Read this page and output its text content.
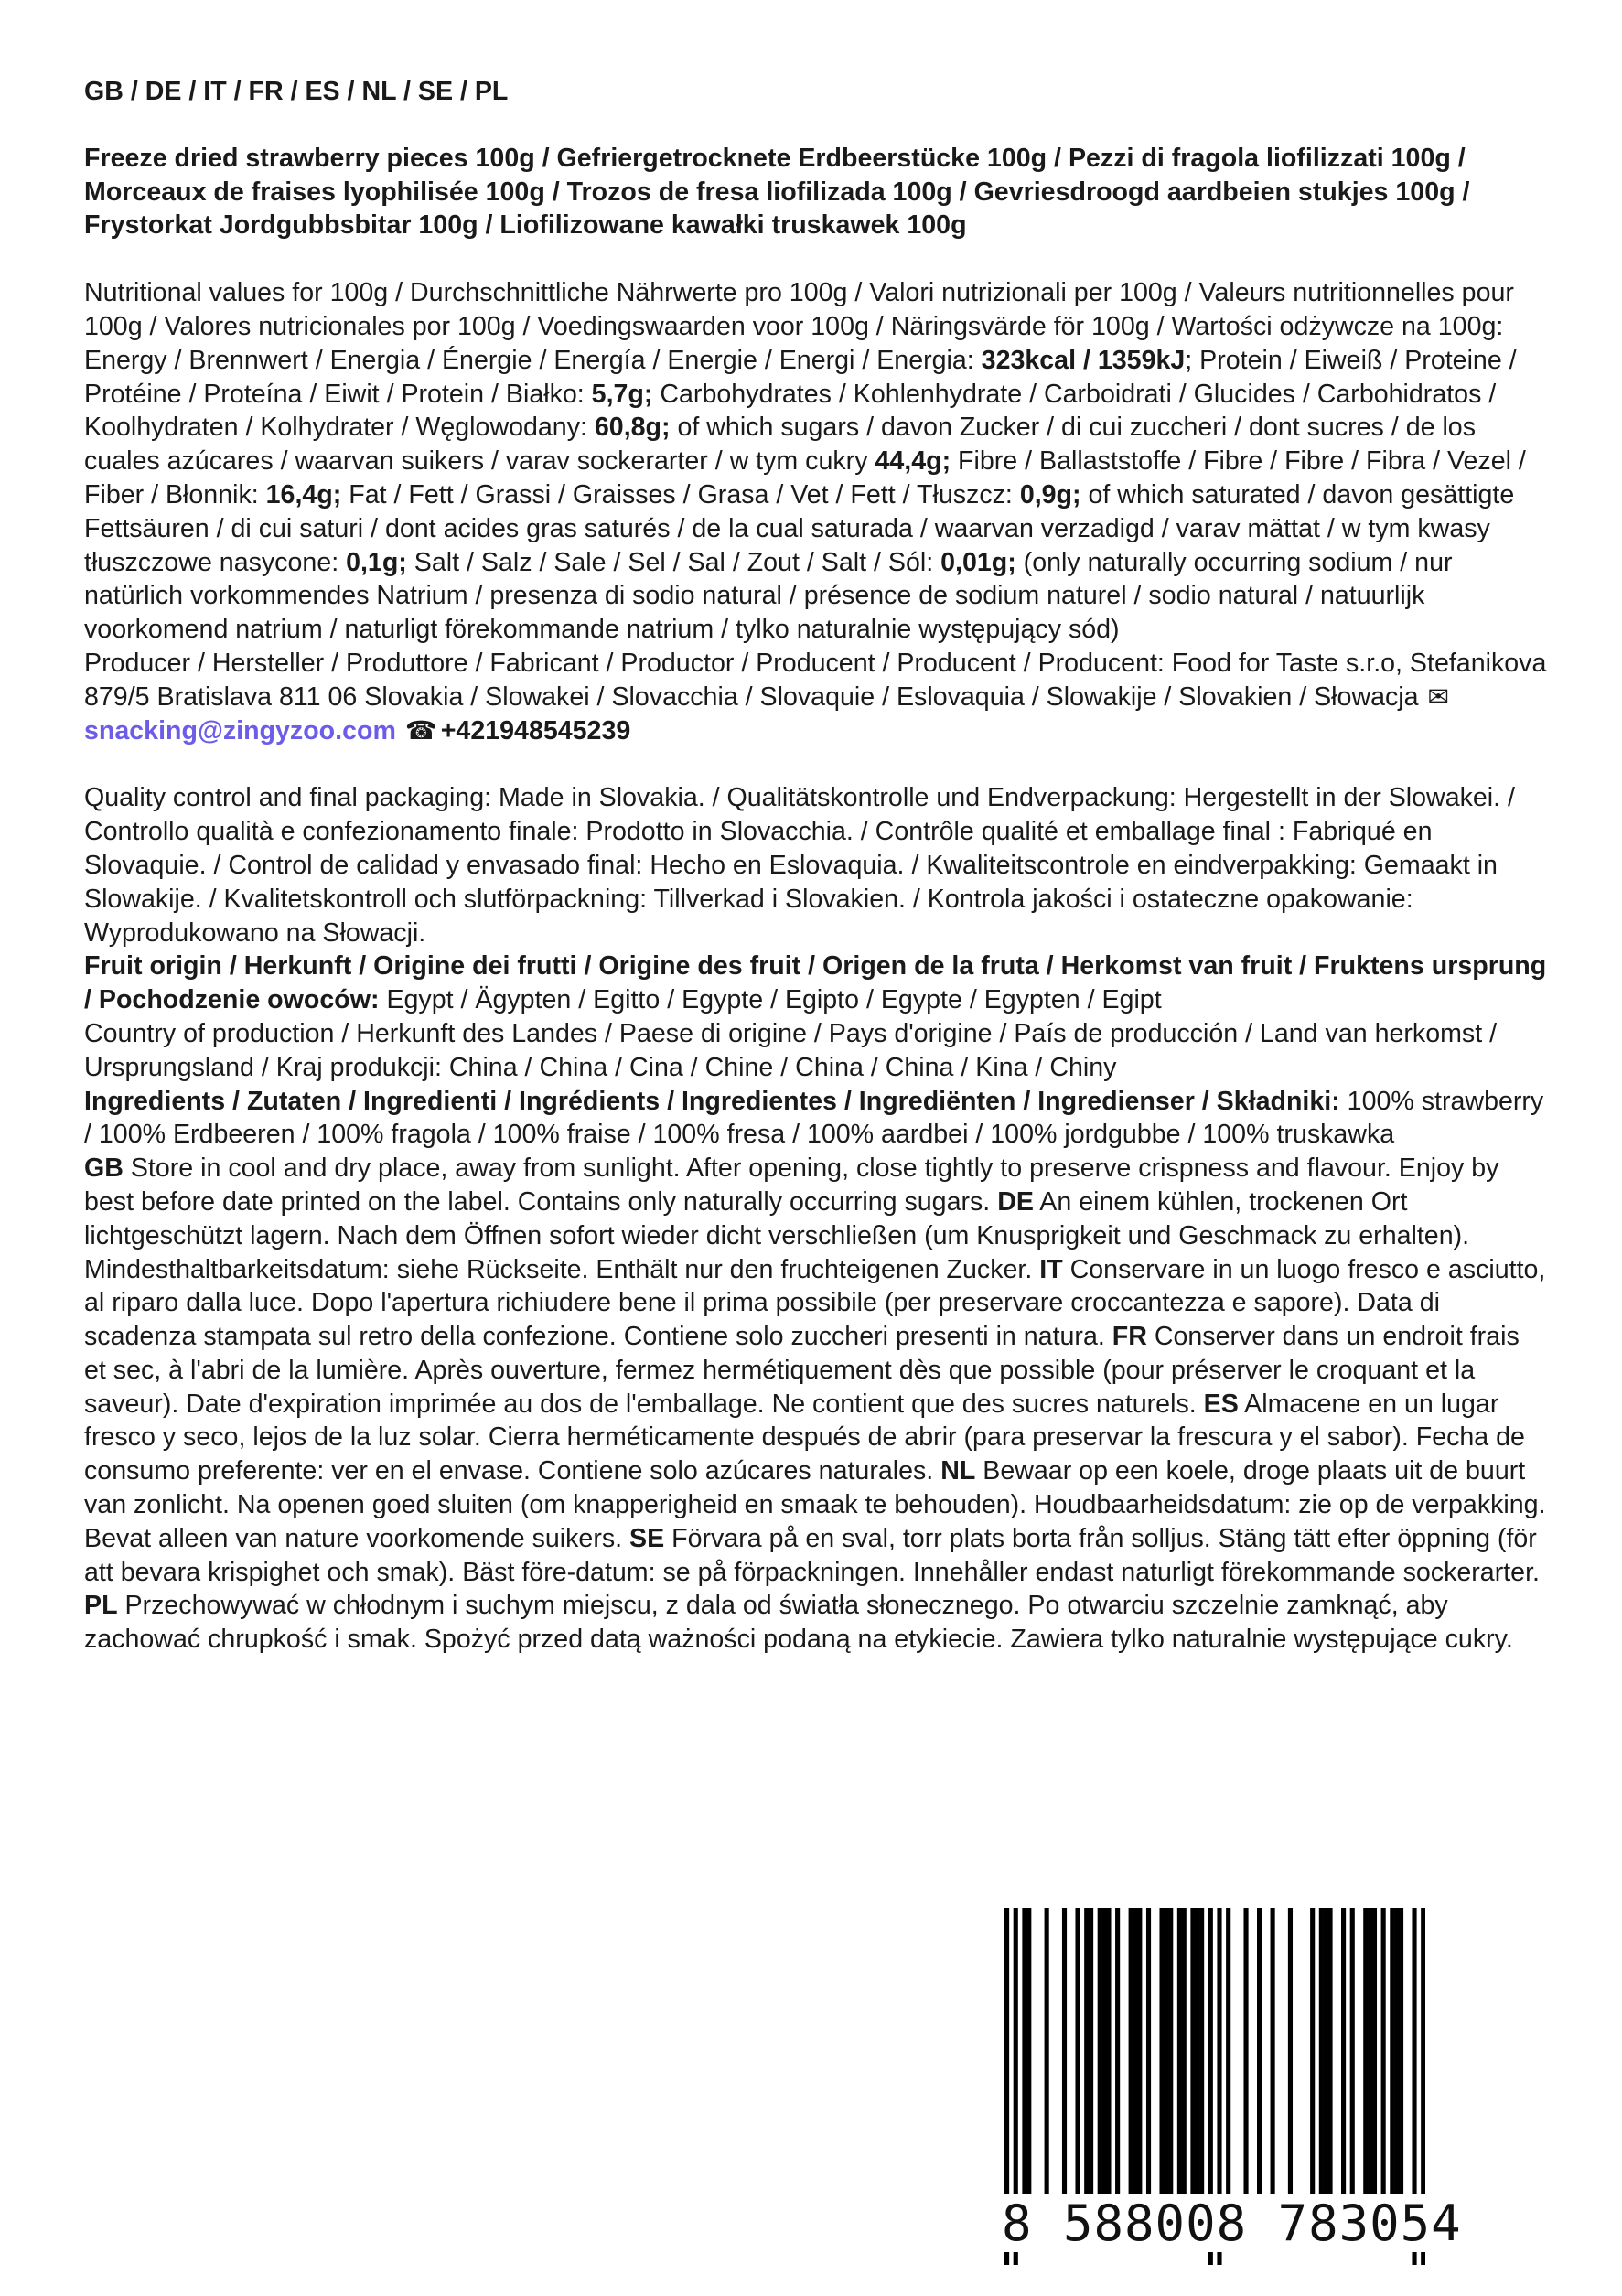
GB / DE / IT / FR / ES / NL / SE / PL

Freeze dried strawberry pieces 100g / Gefriergetrocknete Erdbeerstücke 100g / Pezzi di fragola liofilizzati 100g / Morceaux de fraises lyophilisée 100g / Trozos de fresa liofilizada 100g / Gevriesdroogd aardbeien stukjes 100g / Frystorkat Jordgubbsbitar 100g / Liofilizowane kawałki truskawek 100g

Nutritional values for 100g / Durchschnittliche Nährwerte pro 100g / Valori nutrizionali per 100g / Valeurs nutritionnelles pour 100g / Valores nutricionales por 100g / Voedingswaarden voor 100g / Näringsvärde för 100g / Wartości odżywcze na 100g:

Energy / Brennwert / Energia / Énergie / Energía / Energie / Energi / Energia: 323kcal / 1359kJ; Protein / Eiweiß / Proteine / Protéine / Proteína / Eiwit / Protein / Białko: 5,7g; Carbohydrates / Kohlenhydrate / Carboidrati / Glucides / Carbohidratos / Koolhydraten / Kolhydrater / Węglowodany: 60,8g; of which sugars / davon Zucker / di cui zuccheri / dont sucres / de los cuales azúcares / waarvan suikers / varav sockerarter / w tym cukry 44,4g; Fibre / Ballaststoffe / Fibre / Fibre / Fibra / Vezel / Fiber / Błonnik: 16,4g; Fat / Fett / Grassi / Graisses / Grasa / Vet / Fett / Tłuszcz: 0,9g; of which saturated / davon gesättigte Fettsäuren / di cui saturi / dont acides gras saturés / de la cual saturada / waarvan verzadigd / varav mättat / w tym kwasy tłuszczowe nasycone: 0,1g; Salt / Salz / Sale / Sel / Sal / Zout / Salt / Sól: 0,01g; (only naturally occurring sodium / nur natürlich vorkommendes Natrium / presenza di sodio natural / présence de sodium naturel / sodio natural / natuurlijk voorkomend natrium / naturligt förekommande natrium / tylko naturalnie występujący sód)

Producer / Hersteller / Produttore / Fabricant / Productor / Producent / Producent / Producent: Food for Taste s.r.o, Stefanikova 879/5 Bratislava 811 06 Slovakia / Slowakei / Slovacchia / Slovaquie / Eslovaquia / Slowakije / Slovakien / Słowacja ✉snacking@zingyzoo.com ☎ +421948545239

Quality control and final packaging: Made in Slovakia. / Qualitätskontrolle und Endverpackung: Hergestellt in der Slowakei. / Controllo qualità e confezionamento finale: Prodotto in Slovacchia. / Contrôle qualité et emballage final : Fabriqué en Slovaquie. / Control de calidad y envasado final: Hecho en Eslovaquia. / Kwaliteitscontrole en eindverpakking: Gemaakt in Slowakije. / Kvalitetskontroll och slutförpackning: Tillverkad i Slovakien. / Kontrola jakości i ostateczne opakowanie: Wyprodukowano na Słowacji.

Fruit origin / Herkunft / Origine dei frutti / Origine des fruit / Origen de la fruta / Herkomst van fruit / Fruktens ursprung / Pochodzenie owoców: Egypt / Ägypten / Egitto / Egypte / Egipto / Egypte / Egypten / Egipt

Country of production / Herkunft des Landes / Paese di origine / Pays d'origine / País de producción / Land van herkomst / Ursprungsland / Kraj produkcji: China / China / Cina / Chine / China / China / Kina / Chiny

Ingredients / Zutaten / Ingredienti / Ingrédients / Ingredientes / Ingrediënten / Ingredienser / Składniki: 100% strawberry / 100% Erdbeeren / 100% fragola / 100% fraise / 100% fresa / 100% aardbei / 100% jordgubbe / 100% truskawka

GB Store in cool and dry place, away from sunlight. After opening, close tightly to preserve crispness and flavour. Enjoy by best before date printed on the label. Contains only naturally occurring sugars. DE An einem kühlen, trockenen Ort lichtgeschützt lagern. Nach dem Öffnen sofort wieder dicht verschließen (um Knusprigkeit und Geschmack zu erhalten). Mindesthaltbarkeitsdatum: siehe Rückseite. Enthält nur den fruchteigenen Zucker. IT Conservare in un luogo fresco e asciutto, al riparo dalla luce. Dopo l'apertura richiudere bene il prima possibile (per preservare croccantezza e sapore). Data di scadenza stampata sul retro della confezione. Contiene solo zuccheri presenti in natura. FR Conserver dans un endroit frais et sec, à l'abri de la lumière. Après ouverture, fermez hermétiquement dès que possible (pour préserver le croquant et la saveur). Date d'expiration imprimée au dos de l'emballage. Ne contient que des sucres naturels. ES Almacene en un lugar fresco y seco, lejos de la luz solar. Cierra herméticamente después de abrir (para preservar la frescura y el sabor). Fecha de consumo preferente: ver en el envase. Contiene solo azúcares naturales. NL Bewaar op een koele, droge plaats uit de buurt van zonlicht. Na openen goed sluiten (om knapperigheid en smaak te behouden). Houdbaarheidsdatum: zie op de verpakking. Bevat alleen van nature voorkomende suikers. SE Förvara på en sval, torr plats borta från solljus. Stäng tätt efter öppning (för att bevara krispighet och smak). Bäst före-datum: se på förpackningen. Innehåller endast naturligt förekommande sockerarter. PL Przechowywać w chłodnym i suchym miejscu, z dala od światła słonecznego. Po otwarciu szczelnie zamknąć, aby zachować chrupkość i smak. Spożyć przed datą ważności podaną na etykiecie. Zawiera tylko naturalnie występujące cukry.

8 588008 783054
